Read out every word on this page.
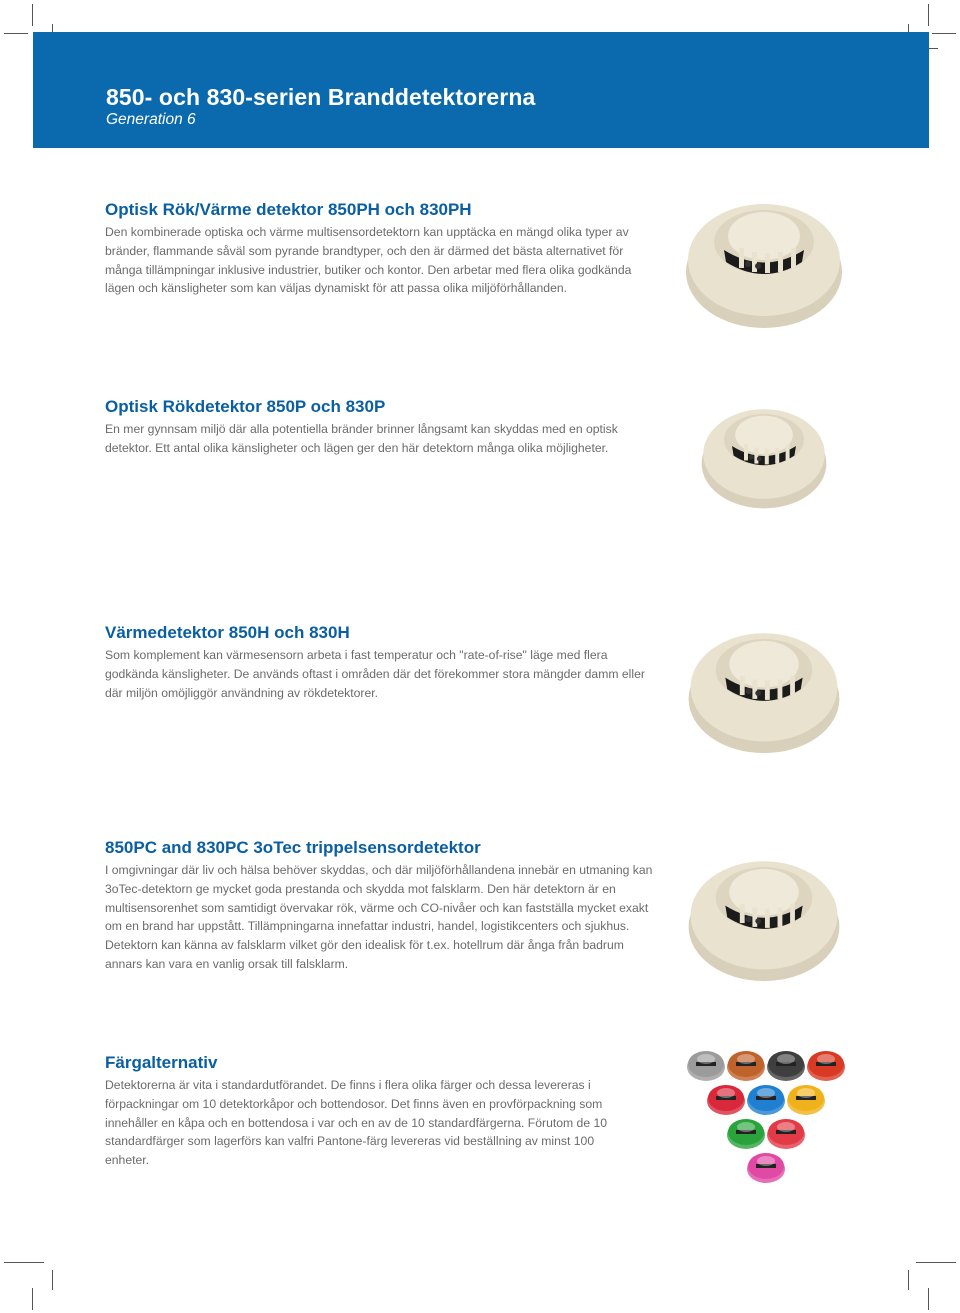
850- och 830-serien Branddetektorerna
Generation 6
Optisk Rök/Värme detektor 850PH och 830PH

Den kombinerade optiska och värme multisensordetektorn kan upptäcka en mängd olika typer av bränder, flammande såväl som pyrande brandtyper, och den är därmed det bästa alternativet för många tillämpningar inklusive industrier, butiker och kontor. Den arbetar med flera olika godkända lägen och känsligheter som kan väljas dynamiskt för att passa olika miljöförhållanden.

Optisk Rökdetektor 850P och 830P

En mer gynnsam miljö där alla potentiella bränder brinner långsamt kan skyddas med en optisk detektor. Ett antal olika känsligheter och lägen ger den här detektorn många olika möjligheter.

Värmedetektor 850H och 830H

Som komplement kan värmesensorn arbeta i fast temperatur och "rate-of-rise" läge med flera godkända känsligheter. De används oftast i områden där det förekommer stora mängder damm eller där miljön omöjliggör användning av rökdetektorer.

850PC and 830PC 3oTec trippelsensordetektor

I omgivningar där liv och hälsa behöver skyddas, och där miljöförhållandena innebär en utmaning kan 3oTec-detektorn ge mycket goda prestanda och skydda mot falsklarm. Den här detektorn är en multisensorenhet som samtidigt övervakar rök, värme och CO-nivåer och kan fastställa mycket exakt om en brand har uppstått. Tillämpningarna innefattar industri, handel, logistikcenters och sjukhus. Detektorn kan känna av falsklarm vilket gör den idealisk för t.ex. hotellrum där ånga från badrum annars kan vara en vanlig orsak till falsklarm.

Färgalternativ

Detektorerna är vita i standardutförandet. De finns i flera olika färger och dessa levereras i förpackningar om 10 detektorkåpor och bottendosor. Det finns även en provförpackning som innehåller en kåpa och en bottendosa i var och en av de 10 standardfärgerna. Förutom de 10 standardfärger som lagerförs kan valfri Pantone-färg levereras vid beställning av minst 100 enheter.
